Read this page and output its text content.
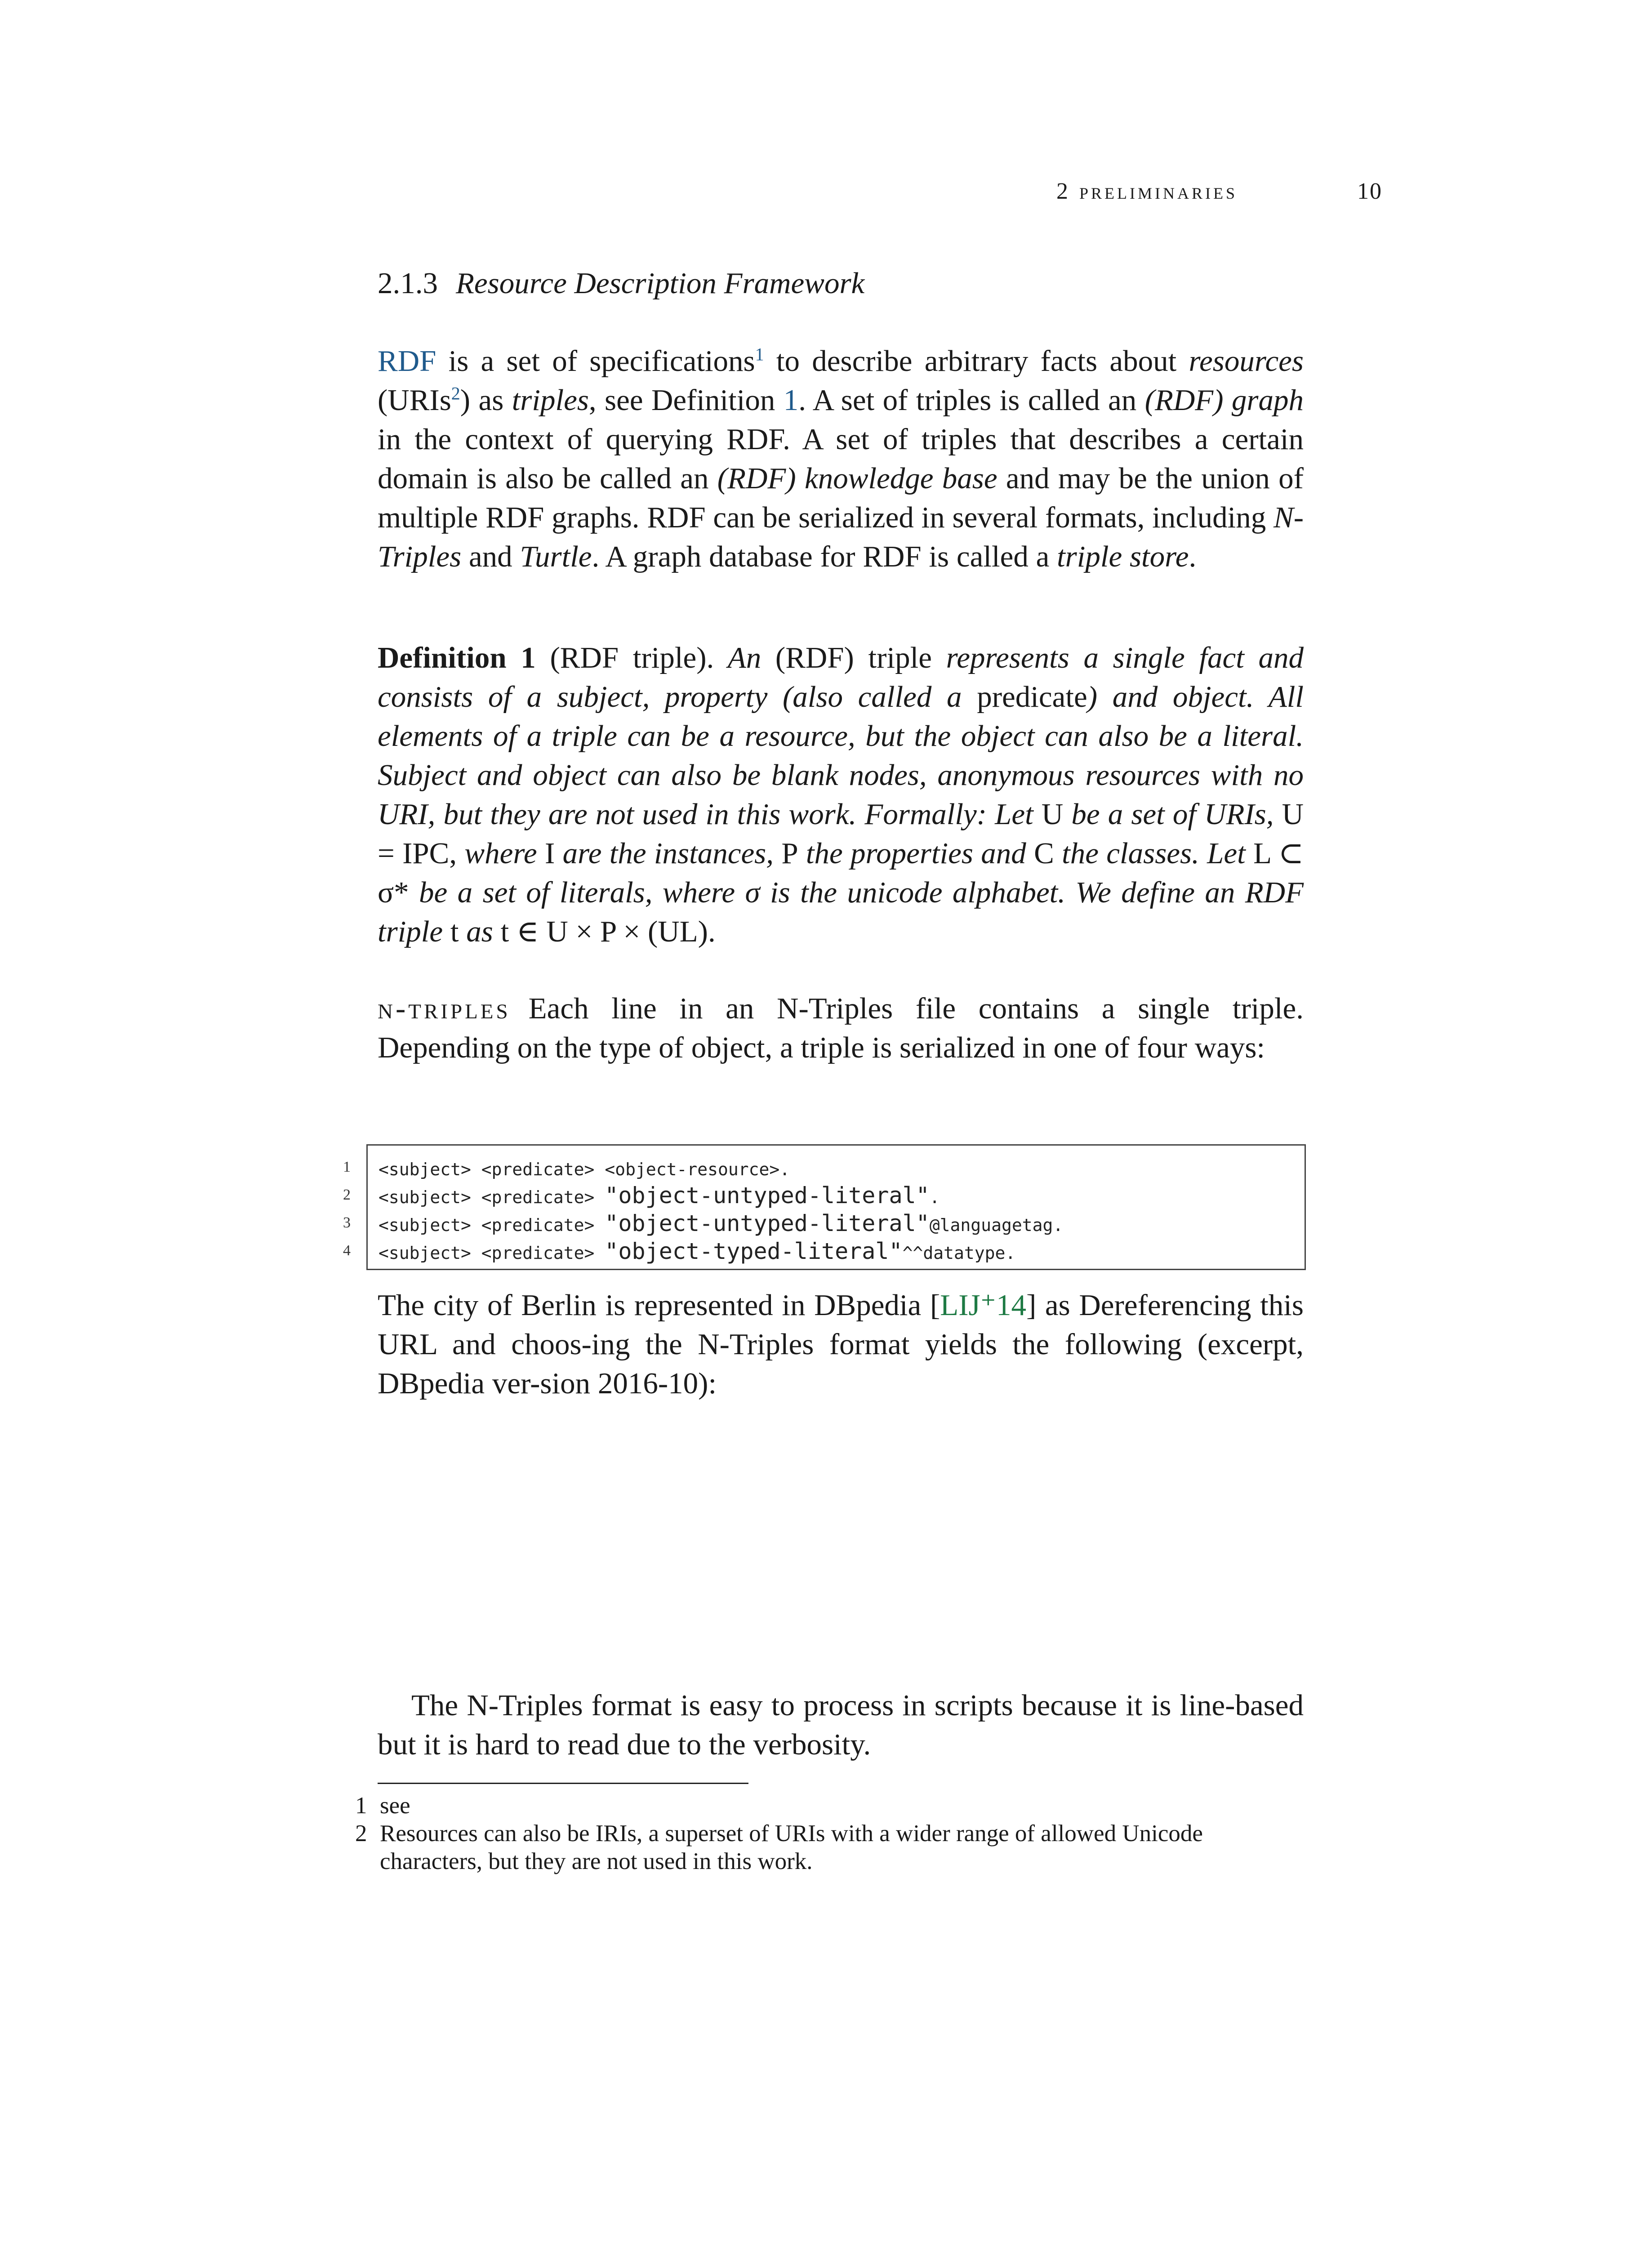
2 preliminaries	10
2.1.3 Resource Description Framework

RDF is a set of specifications$^1$ to describe arbitrary facts about resources (URIs$^2$) as triples, see Definition 1. A set of triples is called an (RDF) graph in the context of querying RDF. A set of triples that describes a certain domain is also be called an (RDF) knowledge base and may be the union of multiple RDF graphs. RDF can be serialized in several formats, including N-Triples and Turtle. A graph database for RDF is called a triple store.

Definition 1 (RDF triple). An (RDF) triple represents a single fact and consists of a subject, property (also called a predicate) and object. All elements of a triple can be a resource, but the object can also be a literal. Subject and object can also be blank nodes, anonymous resources with no URI, but they are not used in this work. Formally: Let U be a set of URIs, U = IPC, where I are the instances, P the properties and C the classes. Let L ⊂ σ* be a set of literals, where σ is the unicode alphabet. We define an RDF triple t as t ∈ U × P × (UL).

n-triples Each line in an N-Triples file contains a single triple. Depending on the type of object, a triple is serialized in one of four ways:

1
2
3
4
<subject> <predicate> <object-resource>.
<subject> <predicate> "object-untyped-literal".
<subject> <predicate> "object-untyped-literal"@languagetag.
<subject> <predicate> "object-typed-literal"^^datatype.

The city of Berlin is represented in DBpedia [LIJ⁺14] as Dereferencing this URL and choos-ing the N-Triples format yields the following (excerpt, DBpedia ver-sion 2016-10):

The N-Triples format is easy to process in scripts because it is line-based but it is hard to read due to the verbosity.

1 see
2 Resources can also be IRIs, a superset of URIs with a wider range of allowed Unicode characters, but they are not used in this work.
